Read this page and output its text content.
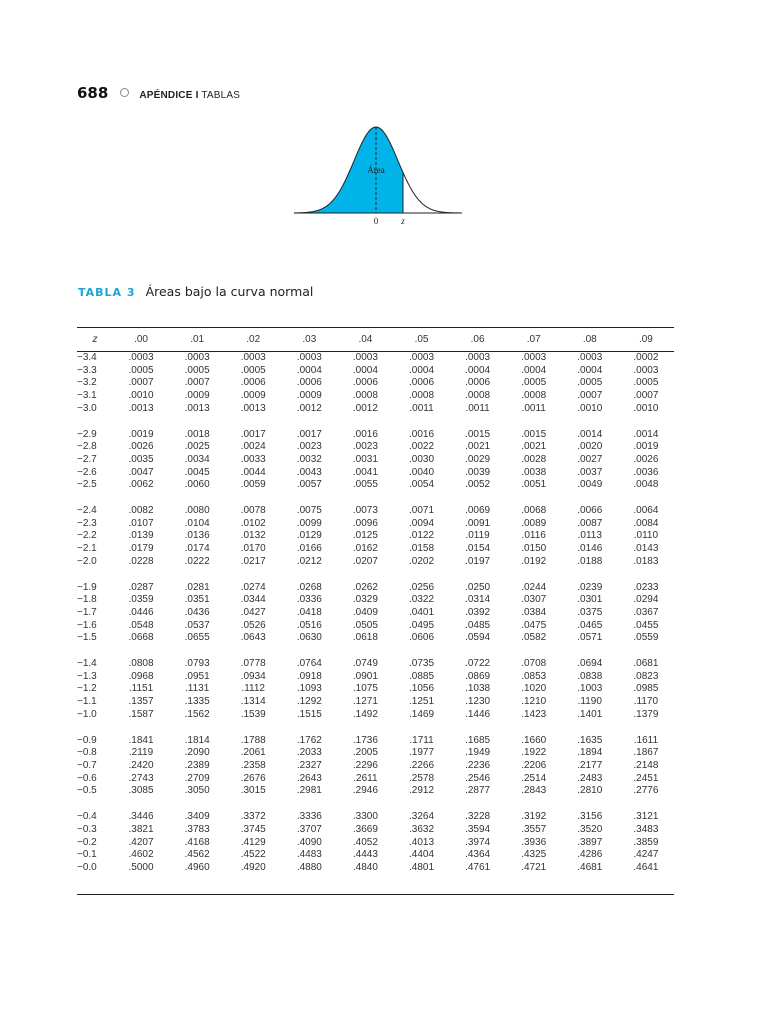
688	APÉNDICE I TABLAS
Área
0	z
TABLA 3 Áreas bajo la curva normal
z	.00	.01	.02	.03	.04	.05	.06	.07	.08	.09
−3.4	.0003	.0003	.0003	.0003	.0003	.0003	.0003	.0003	.0003	.0002
−3.3	.0005	.0005	.0005	.0004	.0004	.0004	.0004	.0004	.0004	.0003
−3.2	.0007	.0007	.0006	.0006	.0006	.0006	.0006	.0005	.0005	.0005
−3.1	.0010	.0009	.0009	.0009	.0008	.0008	.0008	.0008	.0007	.0007
−3.0	.0013	.0013	.0013	.0012	.0012	.0011	.0011	.0011	.0010	.0010

−2.9	.0019	.0018	.0017	.0017	.0016	.0016	.0015	.0015	.0014	.0014
−2.8	.0026	.0025	.0024	.0023	.0023	.0022	.0021	.0021	.0020	.0019
−2.7	.0035	.0034	.0033	.0032	.0031	.0030	.0029	.0028	.0027	.0026
−2.6	.0047	.0045	.0044	.0043	.0041	.0040	.0039	.0038	.0037	.0036
−2.5	.0062	.0060	.0059	.0057	.0055	.0054	.0052	.0051	.0049	.0048

−2.4	.0082	.0080	.0078	.0075	.0073	.0071	.0069	.0068	.0066	.0064
−2.3	.0107	.0104	.0102	.0099	.0096	.0094	.0091	.0089	.0087	.0084
−2.2	.0139	.0136	.0132	.0129	.0125	.0122	.0119	.0116	.0113	.0110
−2.1	.0179	.0174	.0170	.0166	.0162	.0158	.0154	.0150	.0146	.0143
−2.0	.0228	.0222	.0217	.0212	.0207	.0202	.0197	.0192	.0188	.0183

−1.9	.0287	.0281	.0274	.0268	.0262	.0256	.0250	.0244	.0239	.0233
−1.8	.0359	.0351	.0344	.0336	.0329	.0322	.0314	.0307	.0301	.0294
−1.7	.0446	.0436	.0427	.0418	.0409	.0401	.0392	.0384	.0375	.0367
−1.6	.0548	.0537	.0526	.0516	.0505	.0495	.0485	.0475	.0465	.0455
−1.5	.0668	.0655	.0643	.0630	.0618	.0606	.0594	.0582	.0571	.0559

−1.4	.0808	.0793	.0778	.0764	.0749	.0735	.0722	.0708	.0694	.0681
−1.3	.0968	.0951	.0934	.0918	.0901	.0885	.0869	.0853	.0838	.0823
−1.2	.1151	.1131	.1112	.1093	.1075	.1056	.1038	.1020	.1003	.0985
−1.1	.1357	.1335	.1314	.1292	.1271	.1251	.1230	.1210	.1190	.1170
−1.0	.1587	.1562	.1539	.1515	.1492	.1469	.1446	.1423	.1401	.1379

−0.9	.1841	.1814	.1788	.1762	.1736	.1711	.1685	.1660	.1635	.1611
−0.8	.2119	.2090	.2061	.2033	.2005	.1977	.1949	.1922	.1894	.1867
−0.7	.2420	.2389	.2358	.2327	.2296	.2266	.2236	.2206	.2177	.2148
−0.6	.2743	.2709	.2676	.2643	.2611	.2578	.2546	.2514	.2483	.2451
−0.5	.3085	.3050	.3015	.2981	.2946	.2912	.2877	.2843	.2810	.2776

−0.4	.3446	.3409	.3372	.3336	.3300	.3264	.3228	.3192	.3156	.3121
−0.3	.3821	.3783	.3745	.3707	.3669	.3632	.3594	.3557	.3520	.3483
−0.2	.4207	.4168	.4129	.4090	.4052	.4013	.3974	.3936	.3897	.3859
−0.1	.4602	.4562	.4522	.4483	.4443	.4404	.4364	.4325	.4286	.4247
−0.0	.5000	.4960	.4920	.4880	.4840	.4801	.4761	.4721	.4681	.4641
